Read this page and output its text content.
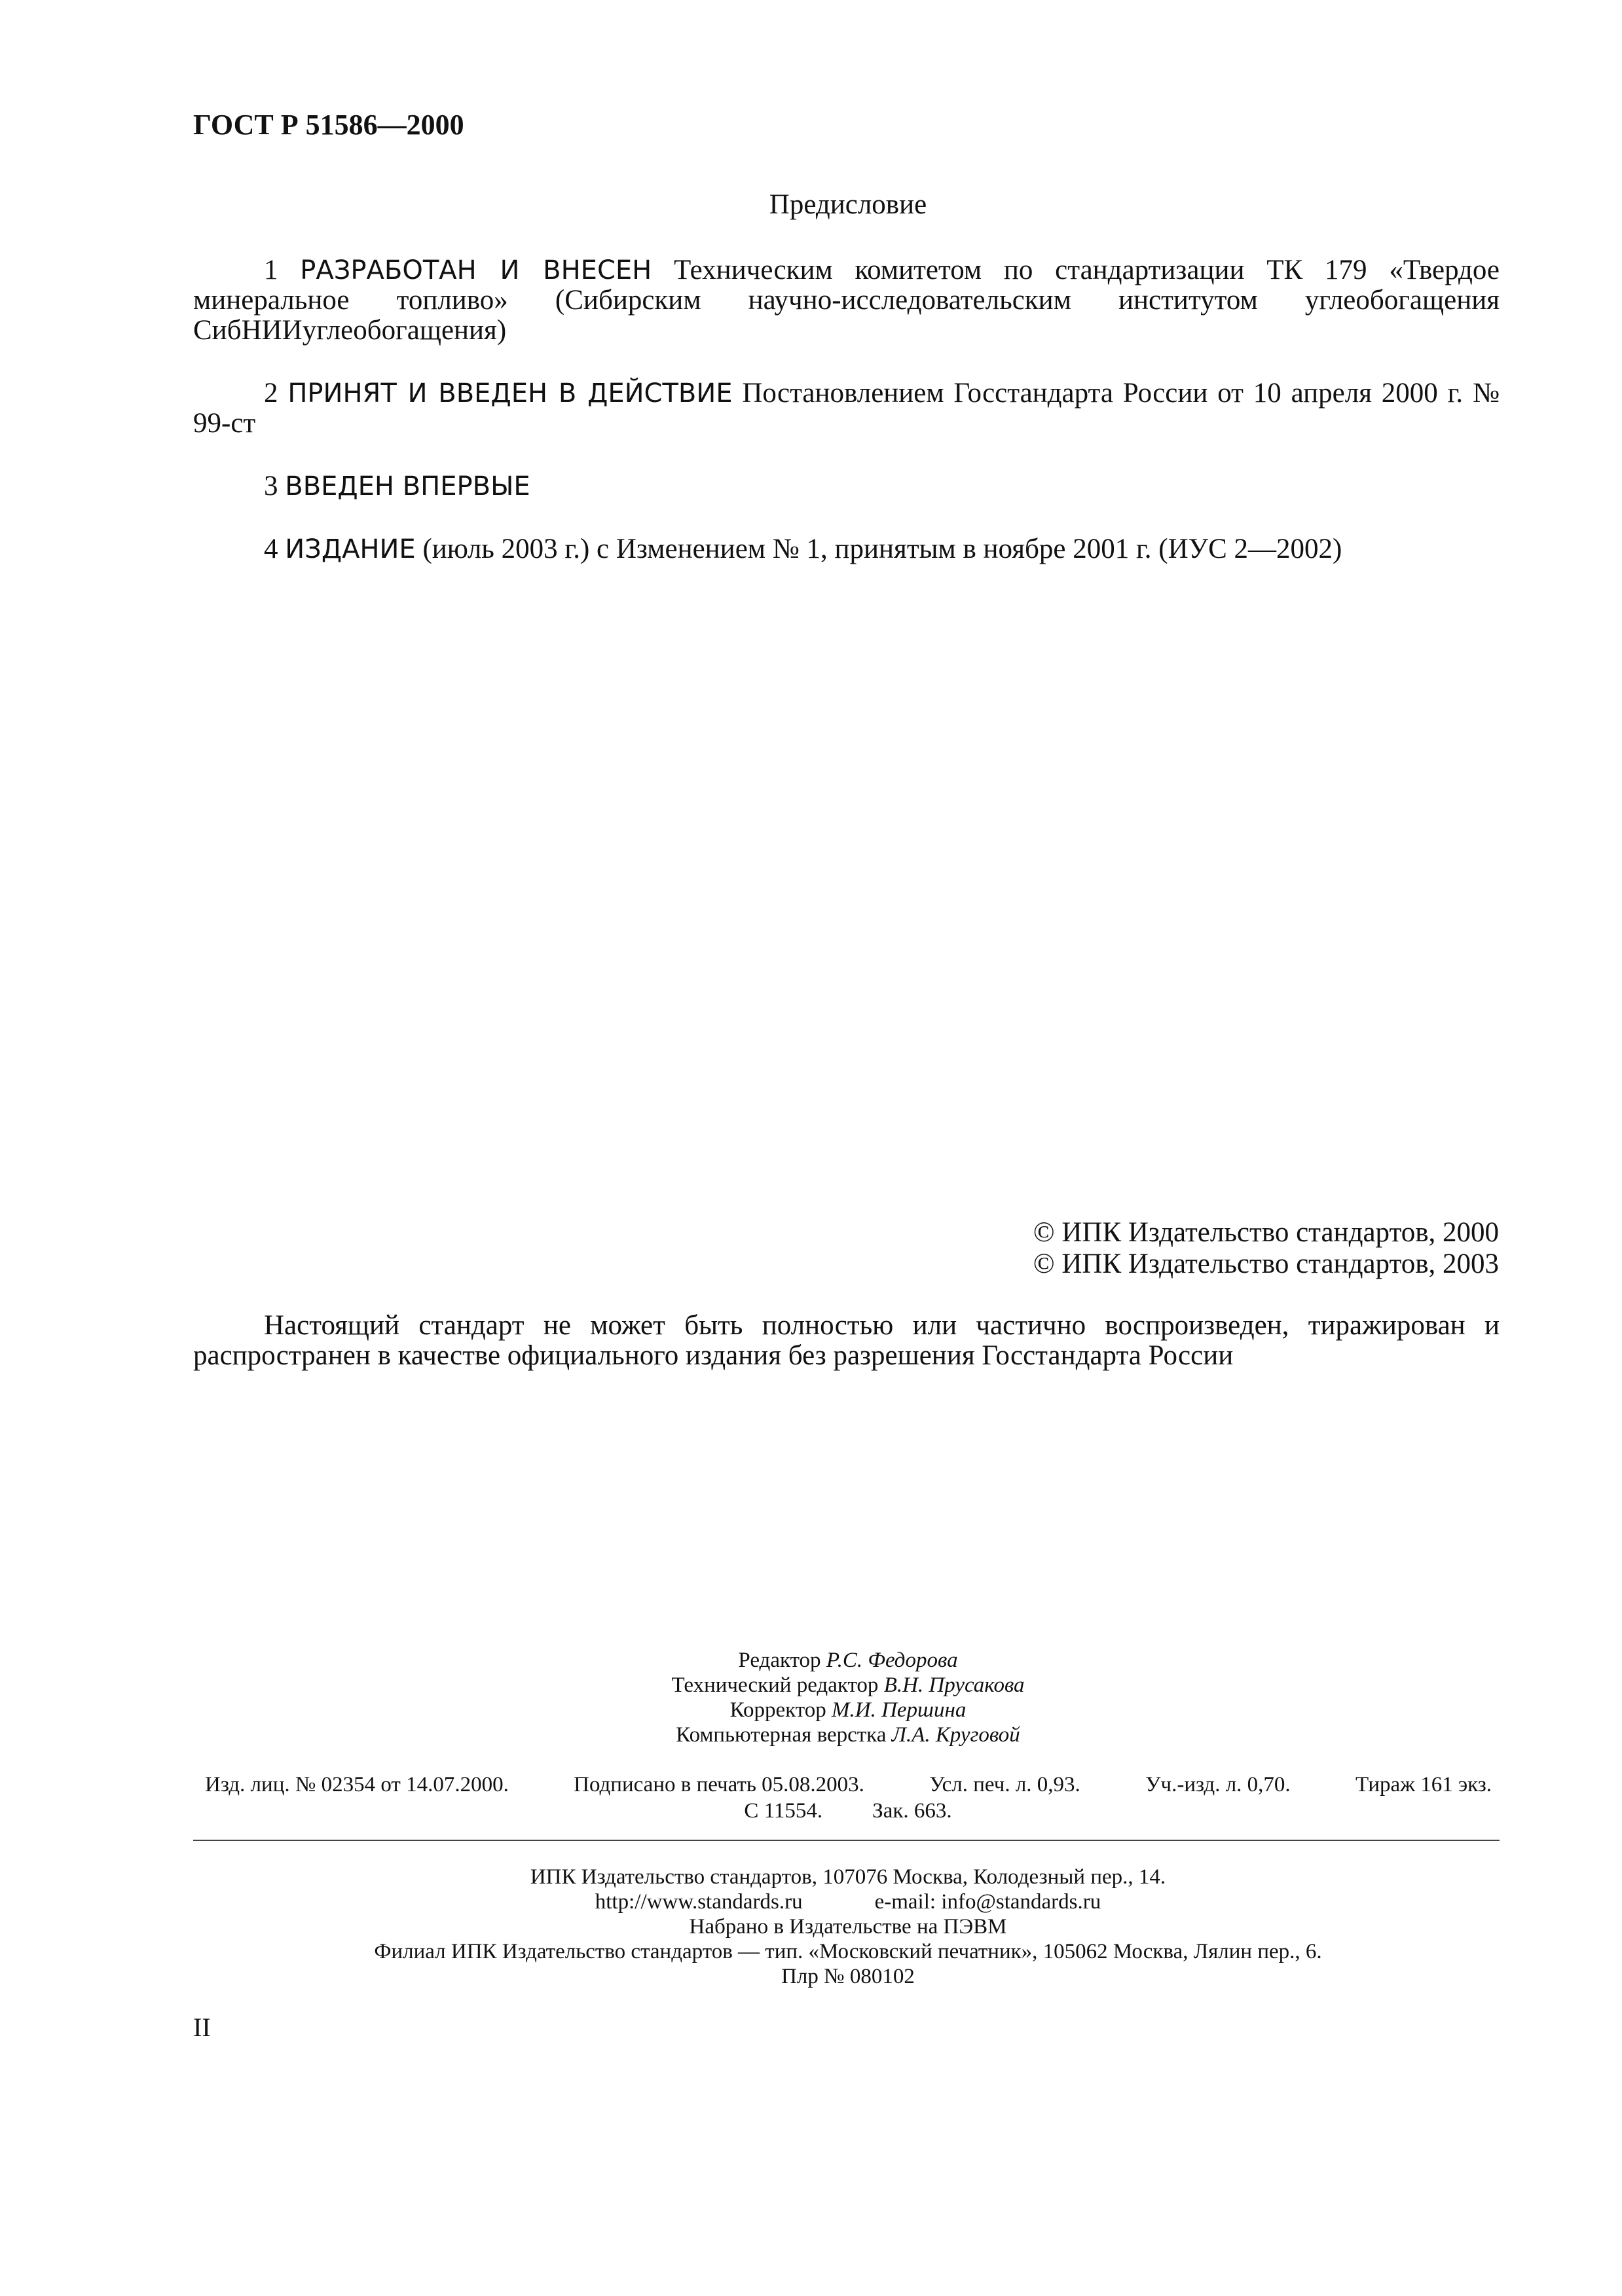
ГОСТ Р 51586—2000
Предисловие

1 РАЗРАБОТАН И ВНЕСЕН Техническим комитетом по стандартизации ТК 179 «Твердое минеральное топливо» (Сибирским научно-исследовательским институтом углеобогащения СибНИИуглеобогащения)

2 ПРИНЯТ И ВВЕДЕН В ДЕЙСТВИЕ Постановлением Госстандарта России от 10 апреля 2000 г. № 99-ст

3 ВВЕДЕН ВПЕРВЫЕ

4 ИЗДАНИЕ (июль 2003 г.) с Изменением № 1, принятым в ноябре 2001 г. (ИУС 2—2002)

© ИПК Издательство стандартов, 2000
© ИПК Издательство стандартов, 2003

Настоящий стандарт не может быть полностью или частично воспроизведен, тиражирован и распространен в качестве официального издания без разрешения Госстандарта России

Редактор Р.С. Федорова
Технический редактор В.Н. Прусакова
Корректор М.И. Першина
Компьютерная верстка Л.А. Круговой
Изд. лиц. № 02354 от 14.07.2000.	Подписано в печать 05.08.2003.	Усл. печ. л. 0,93.	Уч.-изд. л. 0,70.	Тираж 161 экз.
С 11554. Зак. 663.
ИПК Издательство стандартов, 107076 Москва, Колодезный пер., 14.
http://www.standards.ru	e-mail: info@standards.ru
Набрано в Издательстве на ПЭВМ
Филиал ИПК Издательство стандартов — тип. «Московский печатник», 105062 Москва, Лялин пер., 6.
Плр № 080102
II
